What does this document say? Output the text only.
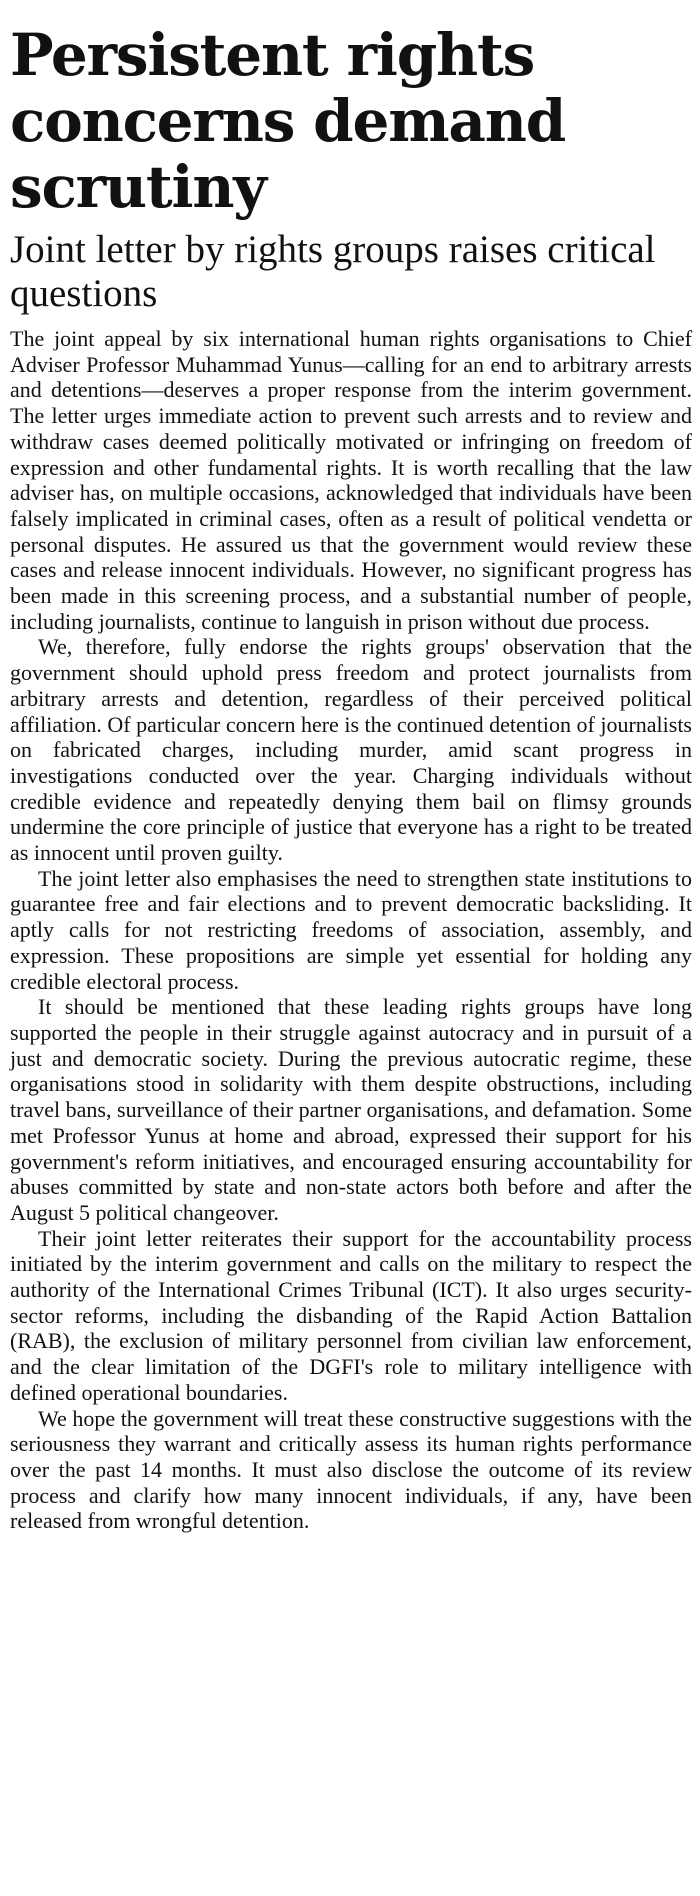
Persistent rights concerns demand scrutiny
Joint letter by rights groups raises critical questions

The joint appeal by six international human rights organisations to Chief Adviser Professor Muhammad Yunus—calling for an end to arbitrary arrests and detentions—deserves a proper response from the interim government. The letter urges immediate action to prevent such arrests and to review and withdraw cases deemed politically motivated or infringing on freedom of expression and other fundamental rights. It is worth recalling that the law adviser has, on multiple occasions, acknowledged that individuals have been falsely implicated in criminal cases, often as a result of political vendetta or personal disputes. He assured us that the government would review these cases and release innocent individuals. However, no significant progress has been made in this screening process, and a substantial number of people, including journalists, continue to languish in prison without due process.

We, therefore, fully endorse the rights groups' observation that the government should uphold press freedom and protect journalists from arbitrary arrests and detention, regardless of their perceived political affiliation. Of particular concern here is the continued detention of journalists on fabricated charges, including murder, amid scant progress in investigations conducted over the year. Charging individuals without credible evidence and repeatedly denying them bail on flimsy grounds undermine the core principle of justice that everyone has a right to be treated as innocent until proven guilty.

The joint letter also emphasises the need to strengthen state institutions to guarantee free and fair elections and to prevent democratic backsliding. It aptly calls for not restricting freedoms of association, assembly, and expression. These propositions are simple yet essential for holding any credible electoral process.

It should be mentioned that these leading rights groups have long supported the people in their struggle against autocracy and in pursuit of a just and democratic society. During the previous autocratic regime, these organisations stood in solidarity with them despite obstructions, including travel bans, surveillance of their partner organisations, and defamation. Some met Professor Yunus at home and abroad, expressed their support for his government's reform initiatives, and encouraged ensuring accountability for abuses committed by state and non-state actors both before and after the August 5 political changeover.

Their joint letter reiterates their support for the accountability process initiated by the interim government and calls on the military to respect the authority of the International Crimes Tribunal (ICT). It also urges security-sector reforms, including the disbanding of the Rapid Action Battalion (RAB), the exclusion of military personnel from civilian law enforcement, and the clear limitation of the DGFI's role to military intelligence with defined operational boundaries.

We hope the government will treat these constructive suggestions with the seriousness they warrant and critically assess its human rights performance over the past 14 months. It must also disclose the outcome of its review process and clarify how many innocent individuals, if any, have been released from wrongful detention.
